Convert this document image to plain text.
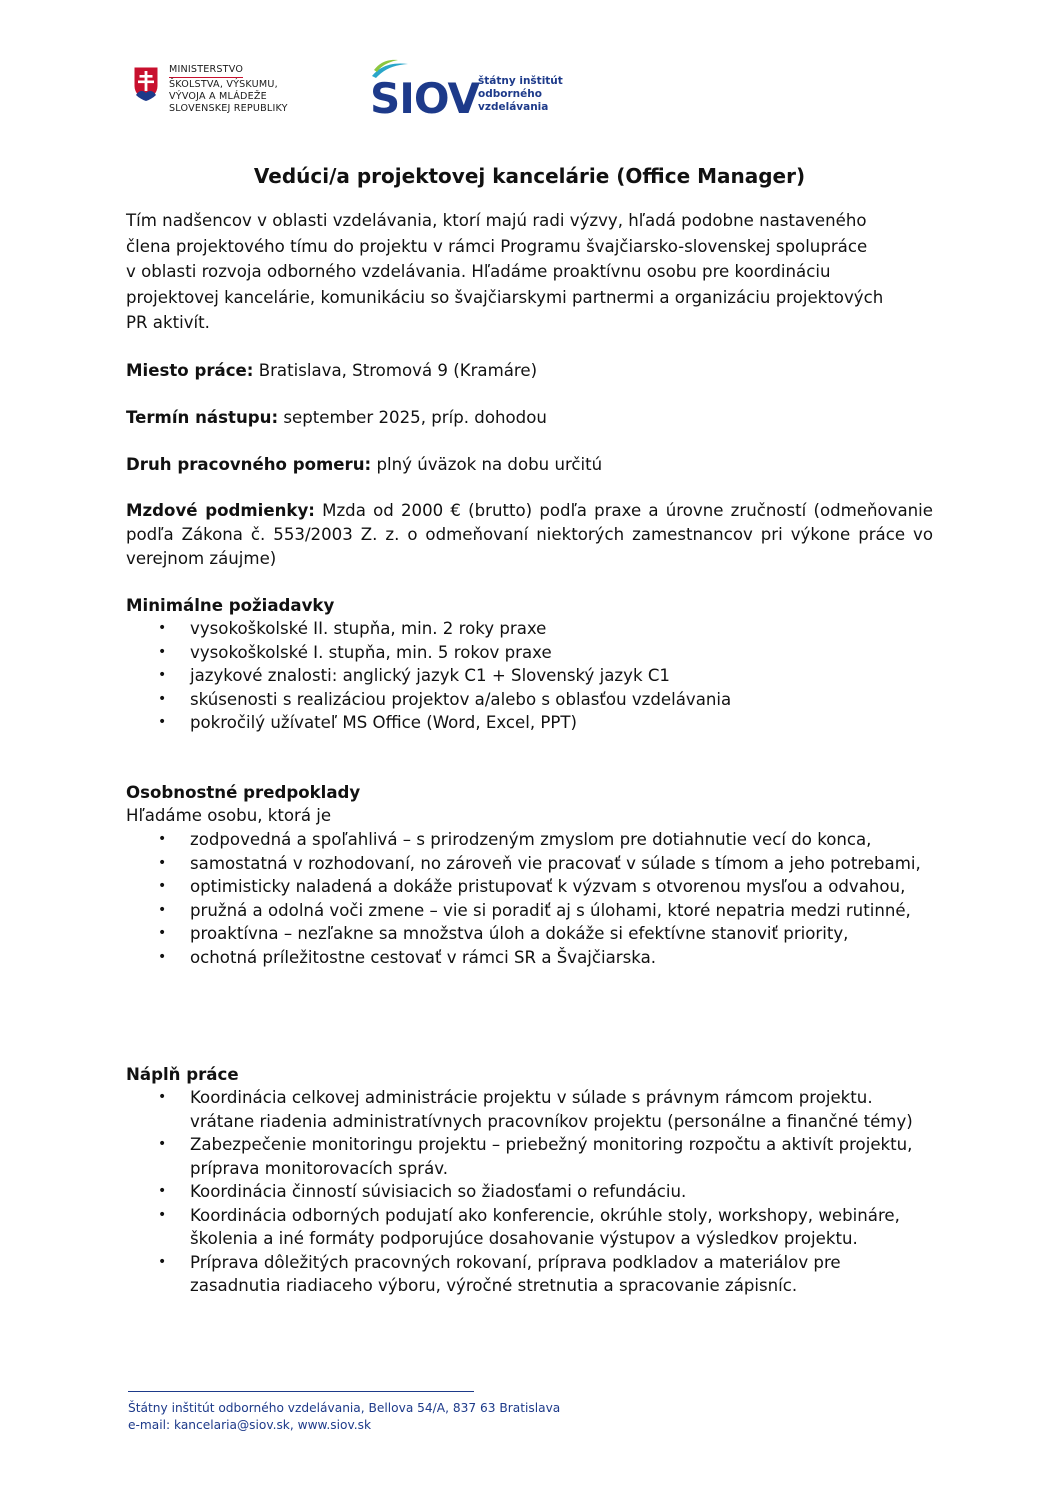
MINISTERSTVO
ŠKOLSTVA, VÝSKUMU,
VÝVOJA A MLÁDEŽE
SLOVENSKEJ REPUBLIKY SIOV štátny inštitút
odborného
vzdelávania
Vedúci/a projektovej kancelárie (Office Manager)
Tím nadšencov v oblasti vzdelávania, ktorí majú radi výzvy, hľadá podobne nastaveného
člena projektového tímu do projektu v rámci Programu švajčiarsko-slovenskej spolupráce
v oblasti rozvoja odborného vzdelávania. Hľadáme proaktívnu osobu pre koordináciu
projektovej kancelárie, komunikáciu so švajčiarskymi partnermi a organizáciu projektových
PR aktivít.
Miesto práce: Bratislava, Stromová 9 (Kramáre)
Termín nástupu: september 2025, príp. dohodou
Druh pracovného pomeru: plný úväzok na dobu určitú
Mzdové podmienky: Mzda od 2000 € (brutto) podľa praxe a úrovne zručností (odmeňovanie podľa Zákona č. 553/2003 Z. z. o odmeňovaní niektorých zamestnancov pri výkone práce vo verejnom záujme)
Minimálne požiadavky
• vysokoškolské II. stupňa, min. 2 roky praxe
• vysokoškolské I. stupňa, min. 5 rokov praxe
• jazykové znalosti: anglický jazyk C1 + Slovenský jazyk C1
• skúsenosti s realizáciou projektov a/alebo s oblasťou vzdelávania
• pokročilý užívateľ MS Office (Word, Excel, PPT)
Osobnostné predpoklady
Hľadáme osobu, ktorá je
• zodpovedná a spoľahlivá – s prirodzeným zmyslom pre dotiahnutie vecí do konca,
• samostatná v rozhodovaní, no zároveň vie pracovať v súlade s tímom a jeho potrebami,
• optimisticky naladená a dokáže pristupovať k výzvam s otvorenou mysľou a odvahou,
• pružná a odolná voči zmene – vie si poradiť aj s úlohami, ktoré nepatria medzi rutinné,
• proaktívna – nezľakne sa množstva úloh a dokáže si efektívne stanoviť priority,
• ochotná príležitostne cestovať v rámci SR a Švajčiarska.
Náplň práce
• Koordinácia celkovej administrácie projektu v súlade s právnym rámcom projektu. vrátane riadenia administratívnych pracovníkov projektu (personálne a finančné témy)
• Zabezpečenie monitoringu projektu – priebežný monitoring rozpočtu a aktivít projektu, príprava monitorovacích správ.
• Koordinácia činností súvisiacich so žiadosťami o refundáciu.
• Koordinácia odborných podujatí ako konferencie, okrúhle stoly, workshopy, webináre, školenia a iné formáty podporujúce dosahovanie výstupov a výsledkov projektu.
• Príprava dôležitých pracovných rokovaní, príprava podkladov a materiálov pre zasadnutia riadiaceho výboru, výročné stretnutia a spracovanie zápisníc.
Štátny inštitút odborného vzdelávania, Bellova 54/A, 837 63 Bratislava
e-mail: kancelaria@siov.sk, www.siov.sk
